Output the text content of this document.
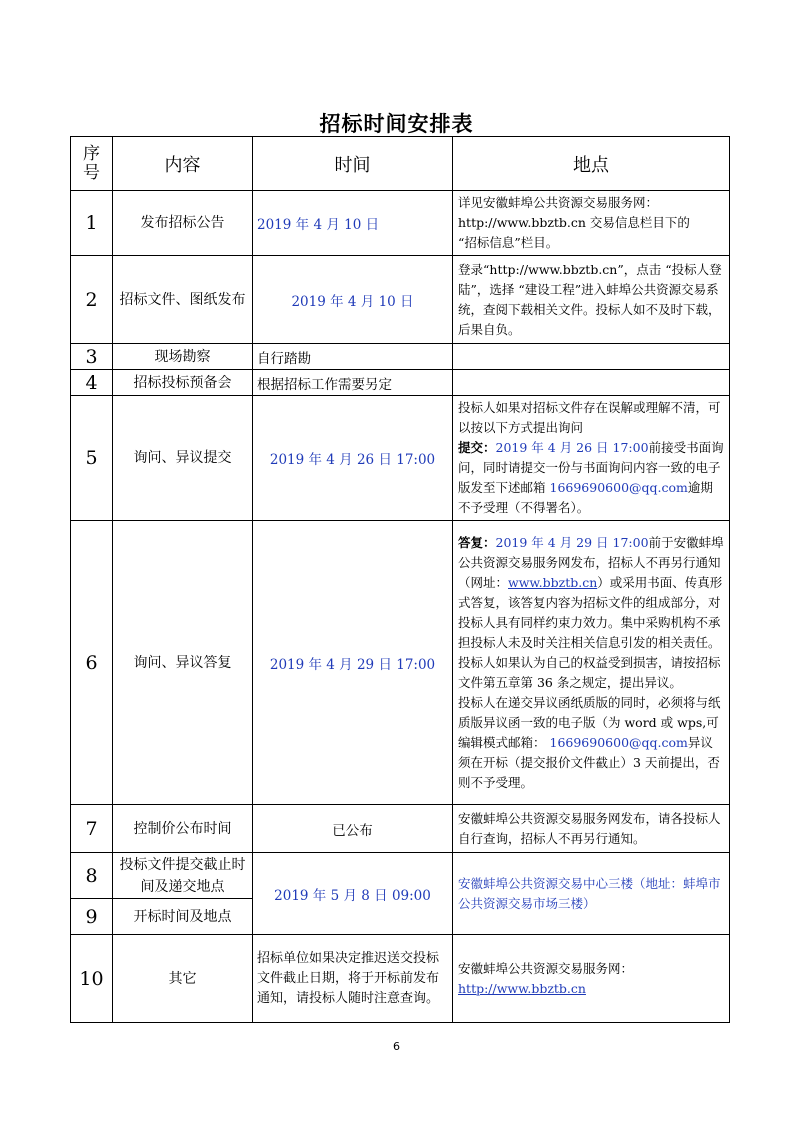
招标时间安排表
序
号	内容	时间	地点
1	发布招标公告	2019 年 4 月 10 日	详见安徽蚌埠公共资源交易服务网：

http://www.bbztb.cn 交易信息栏目下的

“招标信息”栏目。

2	招标文件、图纸发布	2019 年 4 月 10 日	登录“http://www.bbztb.cn”，点击 “投标人登陆”，选择 “建设工程”进入蚌埠公共资源交易系统，查阅下载相关文件。投标人如不及时下载，后果自负。
3	现场勘察	自行踏勘	
4	招标投标预备会	根据招标工作需要另定	
5	询问、异议提交	2019 年 4 月 26 日 17:00	投标人如果对招标文件存在误解或理解不清，可以按以下方式提出询问

提交：2019 年 4 月 26 日 17:00前接受书面询问，同时请提交一份与书面询问内容一致的电子版发至下述邮箱 1669690600@qq.com逾期不予受理（不得署名）。

6	询问、异议答复	2019 年 4 月 29 日 17:00	答复：2019 年 4 月 29 日 17:00前于安徽蚌埠公共资源交易服务网发布，招标人不再另行通知（网址：www.bbztb.cn）或采用书面、传真形式答复，该答复内容为招标文件的组成部分，对投标人具有同样约束力效力。集中采购机构不承担投标人未及时关注相关信息引发的相关责任。

投标人如果认为自己的权益受到损害，请按招标文件第五章第 36 条之规定，提出异议。

投标人在递交异议函纸质版的同时，必须将与纸质版异议函一致的电子版（为 word 或 wps,可编辑模式邮箱： 1669690600@qq.com异议须在开标（提交报价文件截止）3 天前提出，否则不予受理。

7	控制价公布时间	已公布	安徽蚌埠公共资源交易服务网发布，请各投标人自行查询，招标人不再另行通知。
8	投标文件提交截止时间及递交地点	2019 年 5 月 8 日 09:00	安徽蚌埠公共资源交易中心三楼（地址：蚌埠市公共资源交易市场三楼）
9	开标时间及地点		
10	其它	招标单位如果决定推迟送交投标文件截止日期，将于开标前发布通知，请投标人随时注意查询。	安徽蚌埠公共资源交易服务网：

http://www.bbztb.cn

6
